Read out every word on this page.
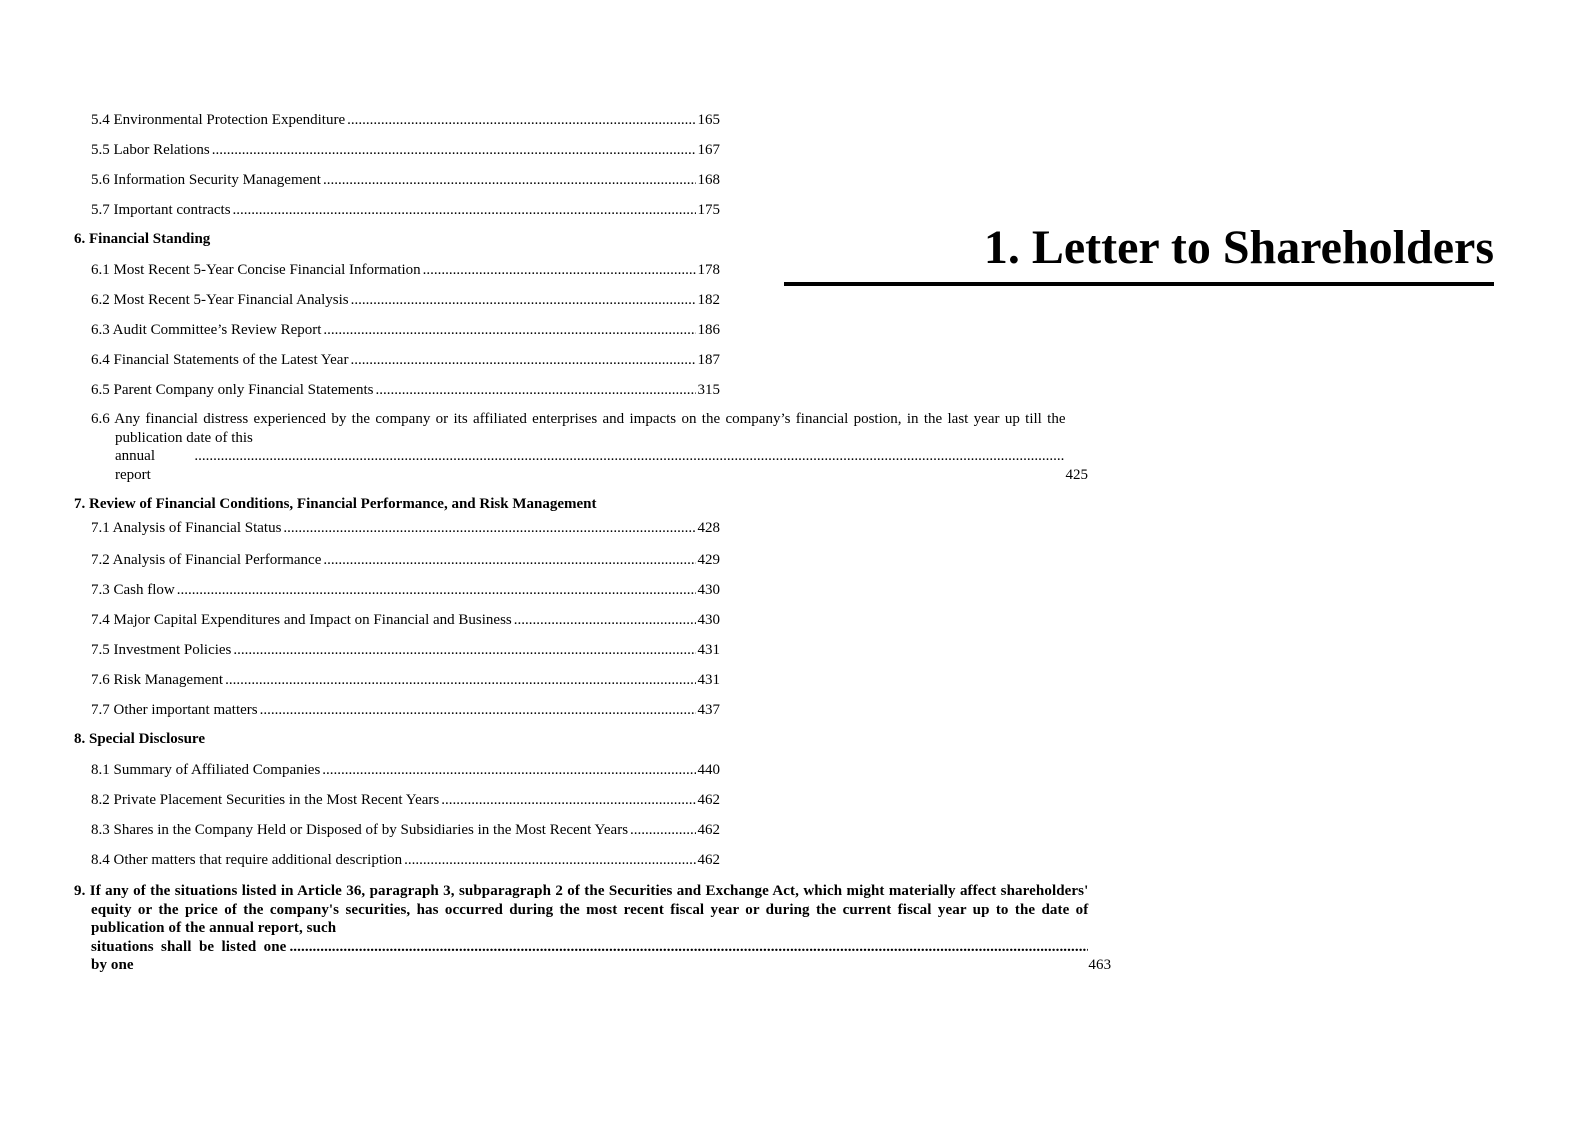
5.4 Environmental Protection Expenditure .....	165
5.5 Labor Relations .....	167
5.6 Information Security Management .....	168
5.7 Important contracts .....	175
6. Financial Standing
6.1 Most Recent 5-Year Concise Financial Information .....	178
6.2 Most Recent 5-Year Financial Analysis .....	182
6.3 Audit Committee’s Review Report .....	186
6.4 Financial Statements of the Latest Year .....	187
6.5 Parent Company only Financial Statements .....	315
6.6 Any financial distress experienced by the company or its affiliated enterprises and impacts on the company’s financial postion, in the last year up till the publication date of this
annual report
.....	425
7. Review of Financial Conditions, Financial Performance, and Risk Management
7.1 Analysis of Financial Status .....	428
7.2 Analysis of Financial Performance .....	429
7.3 Cash flow .....	430
7.4 Major Capital Expenditures and Impact on Financial and Business .....	430
7.5 Investment Policies .....	431
7.6 Risk Management .....	431
7.7 Other important matters .....	437
8. Special Disclosure
8.1 Summary of Affiliated Companies .....	440
8.2 Private Placement Securities in the Most Recent Years .....	462
8.3 Shares in the Company Held or Disposed of by Subsidiaries in the Most Recent Years .....	462
8.4 Other matters that require additional description .....	462
9. If any of the situations listed in Article 36, paragraph 3, subparagraph 2 of the Securities and Exchange Act, which might materially affect shareholders' equity or the price of the company's securities, has occurred during the most recent fiscal year or during the current fiscal year up to the date of publication of the annual report, such
situations shall be listed one by one
.....	463
1. Letter to Shareholders
